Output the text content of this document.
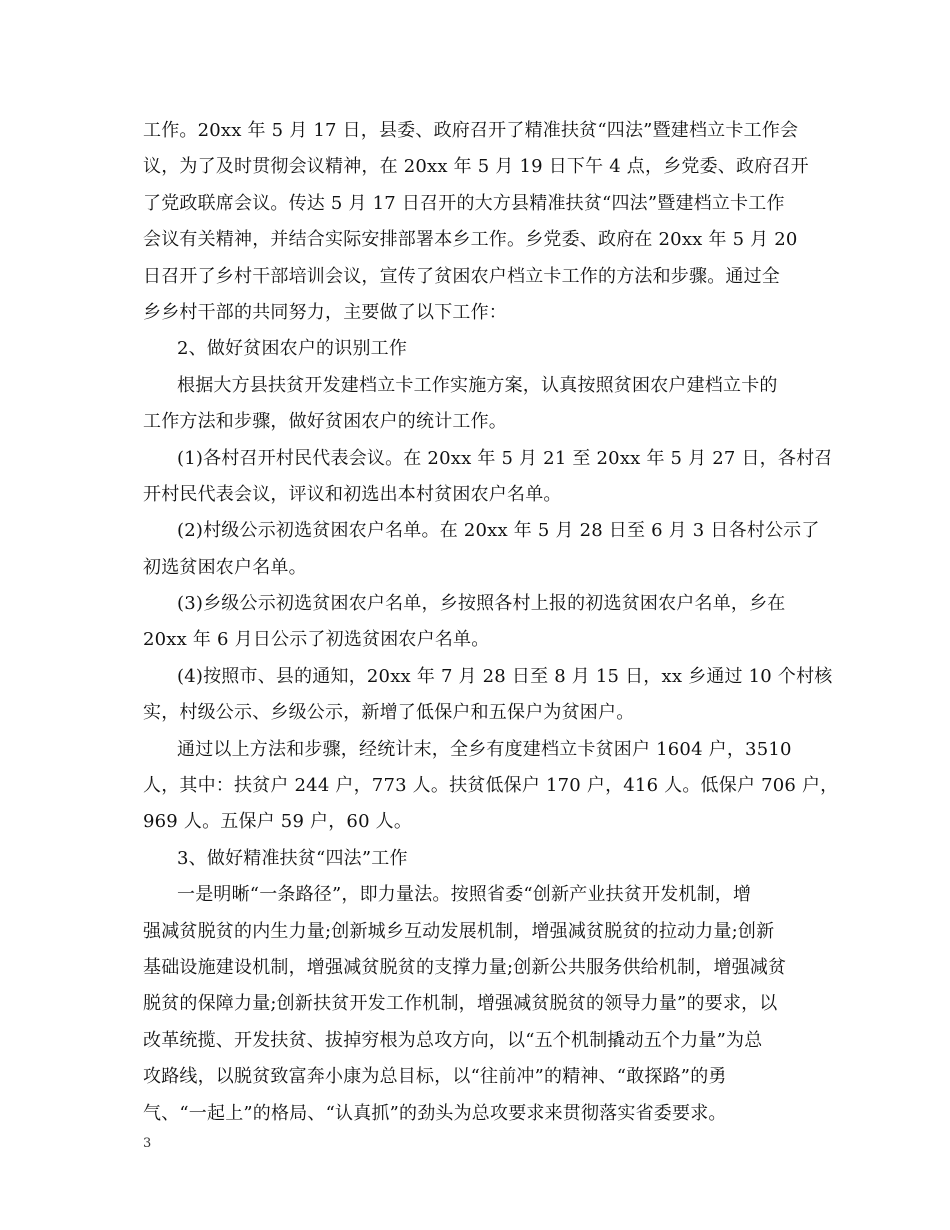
工作。20xx 年 5 月 17 日，县委、政府召开了精准扶贫“四法”暨建档立卡工作会
议，为了及时贯彻会议精神，在 20xx 年 5 月 19 日下午 4 点，乡党委、政府召开
了党政联席会议。传达 5 月 17 日召开的大方县精准扶贫“四法”暨建档立卡工作
会议有关精神，并结合实际安排部署本乡工作。乡党委、政府在 20xx 年 5 月 20
日召开了乡村干部培训会议，宣传了贫困农户档立卡工作的方法和步骤。通过全
乡乡村干部的共同努力，主要做了以下工作：
2、做好贫困农户的识别工作
根据大方县扶贫开发建档立卡工作实施方案，认真按照贫困农户建档立卡的
工作方法和步骤，做好贫困农户的统计工作。
(1)各村召开村民代表会议。在 20xx 年 5 月 21 至 20xx 年 5 月 27 日，各村召
开村民代表会议，评议和初选出本村贫困农户名单。
(2)村级公示初选贫困农户名单。在 20xx 年 5 月 28 日至 6 月 3 日各村公示了
初选贫困农户名单。
(3)乡级公示初选贫困农户名单，乡按照各村上报的初选贫困农户名单，乡在
20xx 年 6 月日公示了初选贫困农户名单。
(4)按照市、县的通知，20xx 年 7 月 28 日至 8 月 15 日，xx 乡通过 10 个村核
实，村级公示、乡级公示，新增了低保户和五保户为贫困户。
通过以上方法和步骤，经统计末，全乡有度建档立卡贫困户 1604 户，3510
人，其中：扶贫户 244 户，773 人。扶贫低保户 170 户，416 人。低保户 706 户，
969 人。五保户 59 户，60 人。
3、做好精准扶贫“四法”工作
一是明晰“一条路径”，即力量法。按照省委“创新产业扶贫开发机制，增
强减贫脱贫的内生力量;创新城乡互动发展机制，增强减贫脱贫的拉动力量;创新
基础设施建设机制，增强减贫脱贫的支撑力量;创新公共服务供给机制，增强减贫
脱贫的保障力量;创新扶贫开发工作机制，增强减贫脱贫的领导力量”的要求，以
改革统揽、开发扶贫、拔掉穷根为总攻方向，以“五个机制撬动五个力量”为总
攻路线，以脱贫致富奔小康为总目标，以“往前冲”的精神、“敢探路”的勇
气、“一起上”的格局、“认真抓”的劲头为总攻要求来贯彻落实省委要求。
3
